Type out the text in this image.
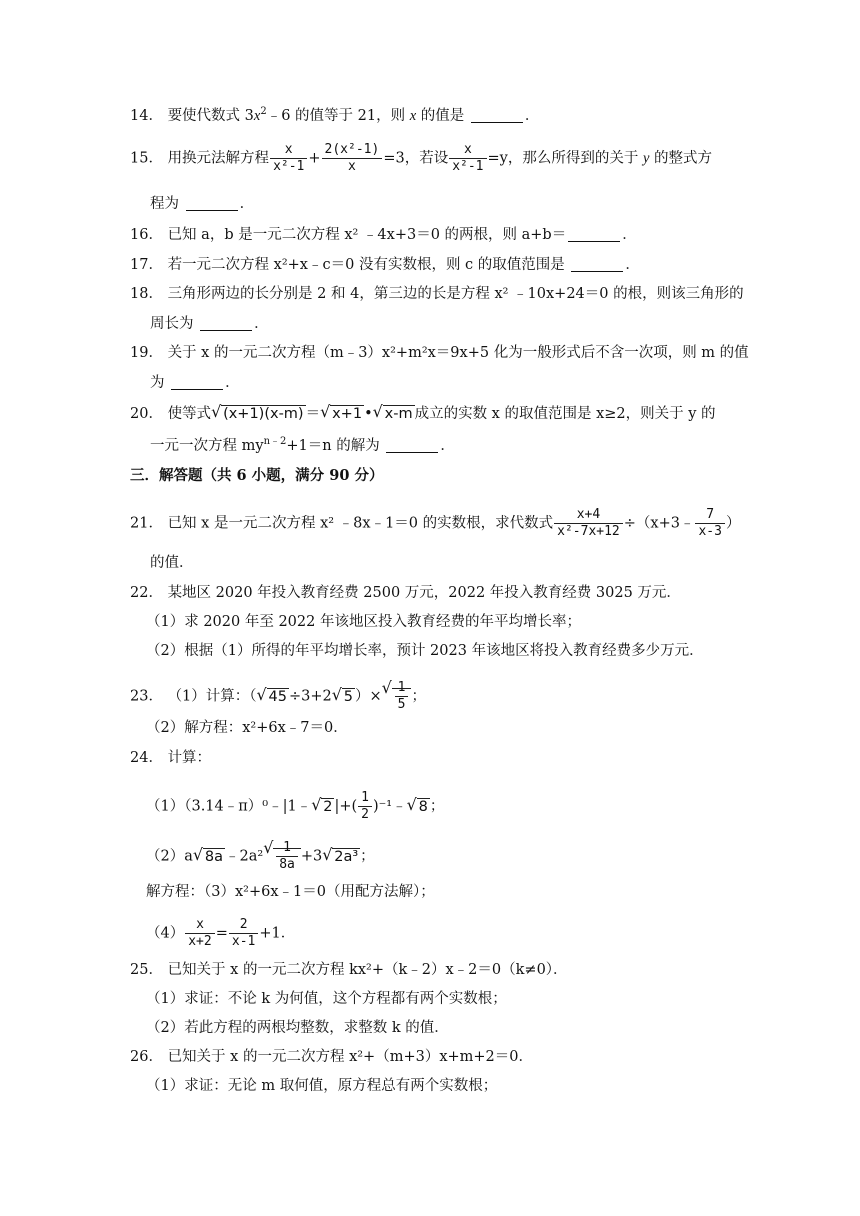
14． 要使代数式 $3x^2﹣6$ 的值等于 21，则 x 的值是	．
15． 用换元法解方程 $\frac{x}{\text{x²-1}} + \frac{\text{2(x²-1)}}{x} =3$，若设 $\frac{x}{\text{x²-1}} =y$，那么所得到的关于 y 的整式方
程为	．
16． 已知 a，b 是一元二次方程 x² ﹣4x+3＝0 的两根，则 a+b＝	．
17． 若一元二次方程 x²+x﹣c＝0 没有实数根，则 c 的取值范围是	．
18． 三角形两边的长分别是 2 和 4，第三边的长是方程 x² ﹣10x+24＝0 的根，则该三角形的
周长为	．
19． 关于 x 的一元二次方程（m﹣3）x²+m²x＝9x+5 化为一般形式后不含一次项，则 m 的值
为	．
20． 使等式√ (x+1)(x-m) ＝√ x+1 •√ x-m 成立的实数 x 的取值范围是 x≥2，则关于 y 的
一元一次方程 $my^{n﹣2}+1=n$ 的解为	．
三．解答题（共 6 小题，满分 90 分）
21． 已知 x 是一元二次方程 x² ﹣8x﹣1＝0 的实数根，求代数式 $\frac{x+4}{\text{x²-7x+12}}$ ÷（x+3﹣ $\frac{7}{x-3}$ ）
的值．
22． 某地区 2020 年投入教育经费 2500 万元，2022 年投入教育经费 3025 万元．
（1）求 2020 年至 2022 年该地区投入教育经费的年平均增长率；
（2）根据（1）所得的年平均增长率，预计 2023 年该地区将投入教育经费多少万元．
23． （1）计算：（√ 45 ÷3+2√ 5 ）×
√ $\frac{1}{5}$ ；
（2）解方程：x²+6x﹣7＝0．
24． 计算：
（1）（3.14﹣π）⁰﹣|1﹣√ 2 |+( $\frac{1}{2}$ )⁻¹﹣√ 8 ；
（2）a√ 8a ﹣2a²
√ $\frac{1}{8a} +3√$ 2a³ ；
解方程：（3）x²+6x﹣1＝0（用配方法解）；
$(4) \frac{x}{x+2} = \frac{2}{x-1} +1$．
25． 已知关于 x 的一元二次方程 kx²+（k﹣2）x﹣2＝0（k≠0）．
（1）求证：不论 k 为何值，这个方程都有两个实数根；
（2）若此方程的两根均整数，求整数 k 的值．
26． 已知关于 x 的一元二次方程 x²+（m+3）x+m+2＝0．
（1）求证：无论 m 取何值，原方程总有两个实数根；
